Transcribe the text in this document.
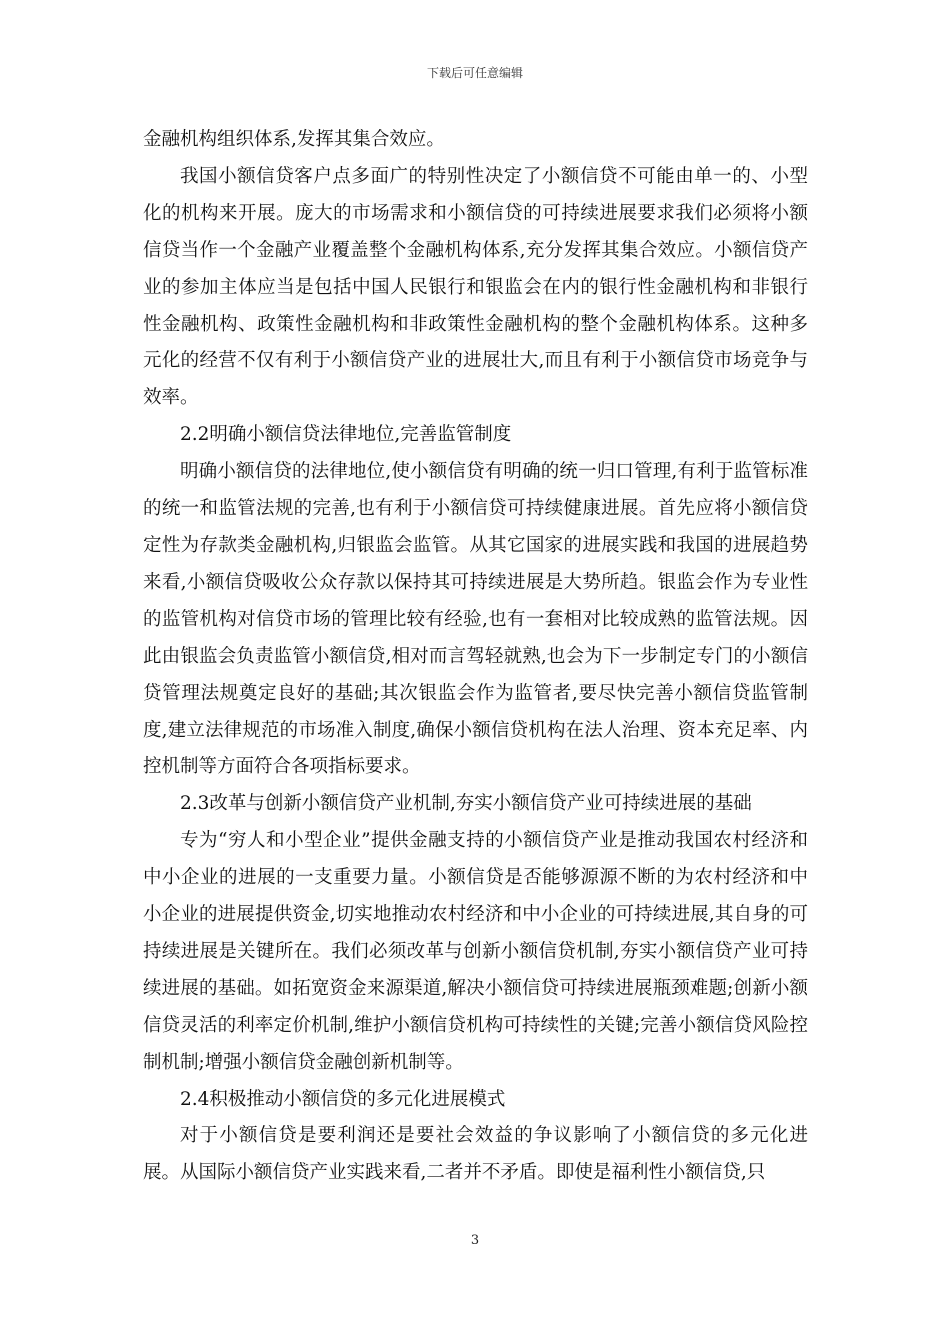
下载后可任意编辑

金融机构组织体系,发挥其集合效应。

我国小额信贷客户点多面广的特别性决定了小额信贷不可能由单一的、小型化的机构来开展。庞大的市场需求和小额信贷的可持续进展要求我们必须将小额信贷当作一个金融产业覆盖整个金融机构体系,充分发挥其集合效应。小额信贷产业的参加主体应当是包括中国人民银行和银监会在内的银行性金融机构和非银行性金融机构、政策性金融机构和非政策性金融机构的整个金融机构体系。这种多元化的经营不仅有利于小额信贷产业的进展壮大,而且有利于小额信贷市场竞争与效率。

2.2明确小额信贷法律地位,完善监管制度

明确小额信贷的法律地位,使小额信贷有明确的统一归口管理,有利于监管标准的统一和监管法规的完善,也有利于小额信贷可持续健康进展。首先应将小额信贷定性为存款类金融机构,归银监会监管。从其它国家的进展实践和我国的进展趋势来看,小额信贷吸收公众存款以保持其可持续进展是大势所趋。银监会作为专业性的监管机构对信贷市场的管理比较有经验,也有一套相对比较成熟的监管法规。因此由银监会负责监管小额信贷,相对而言驾轻就熟,也会为下一步制定专门的小额信贷管理法规奠定良好的基础;其次银监会作为监管者,要尽快完善小额信贷监管制度,建立法律规范的市场准入制度,确保小额信贷机构在法人治理、资本充足率、内控机制等方面符合各项指标要求。

2.3改革与创新小额信贷产业机制,夯实小额信贷产业可持续进展的基础

专为“穷人和小型企业”提供金融支持的小额信贷产业是推动我国农村经济和中小企业的进展的一支重要力量。小额信贷是否能够源源不断的为农村经济和中小企业的进展提供资金,切实地推动农村经济和中小企业的可持续进展,其自身的可持续进展是关键所在。我们必须改革与创新小额信贷机制,夯实小额信贷产业可持续进展的基础。如拓宽资金来源渠道,解决小额信贷可持续进展瓶颈难题;创新小额信贷灵活的利率定价机制,维护小额信贷机构可持续性的关键;完善小额信贷风险控制机制;增强小额信贷金融创新机制等。

2.4积极推动小额信贷的多元化进展模式

对于小额信贷是要利润还是要社会效益的争议影响了小额信贷的多元化进展。从国际小额信贷产业实践来看,二者并不矛盾。即使是福利性小额信贷,只

3
